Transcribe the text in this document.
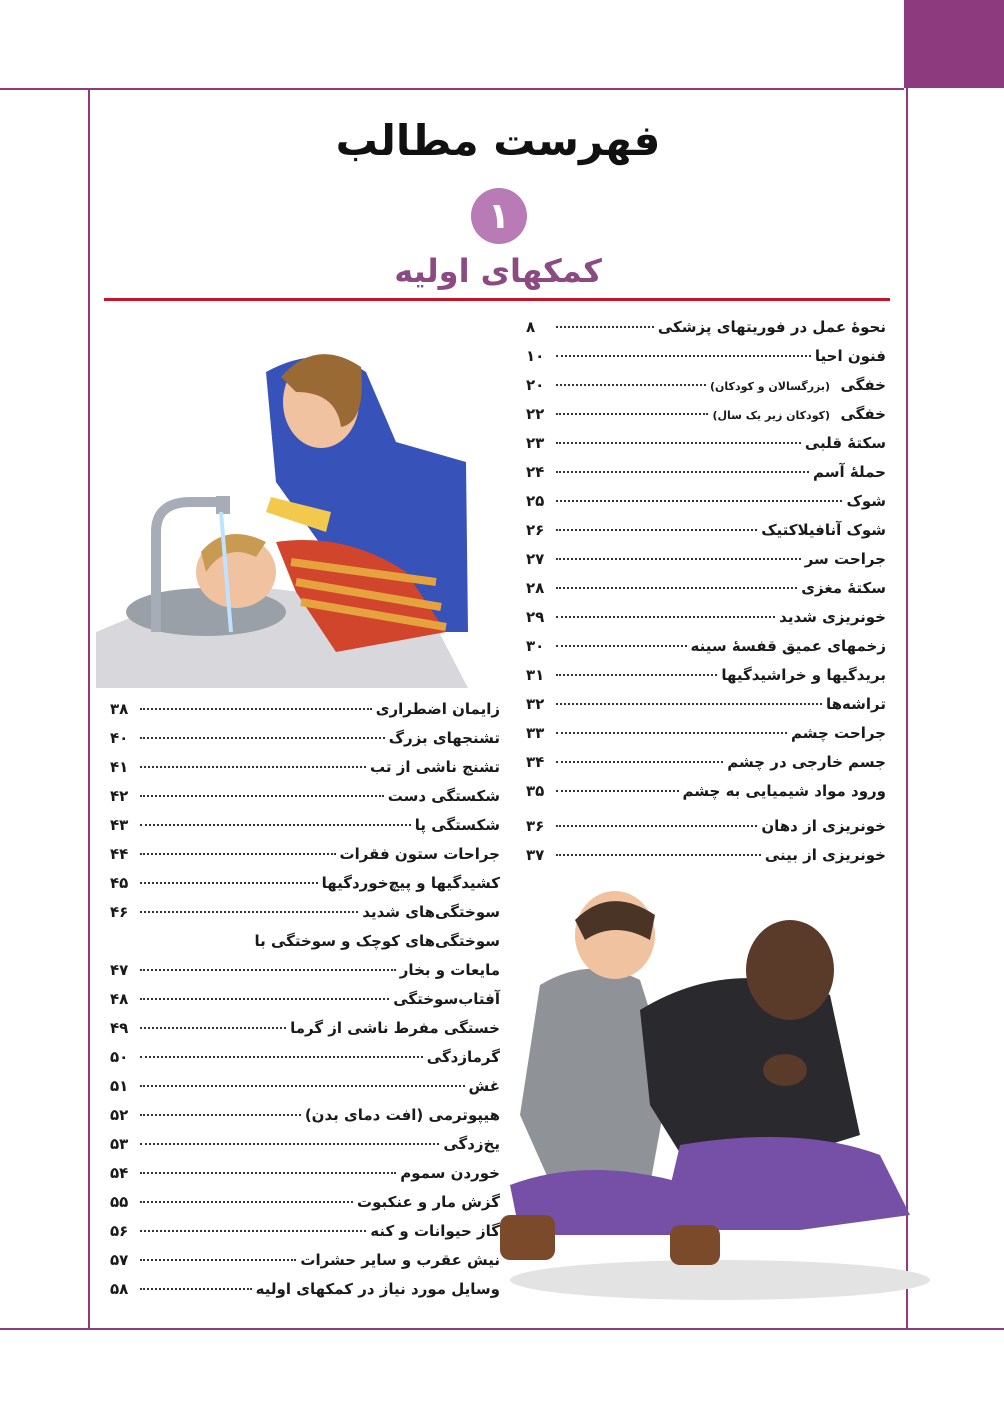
فهرست مطالب
۱
کمکهای اولیه
نحوهٔ عمل در فوریتهای پزشکی
۸
فنون احیا
۱۰
خفگی  (بزرگسالان و کودکان)
۲۰
خفگی  (کودکان زیر یک سال)
۲۲
سکتهٔ قلبی
۲۳
حملهٔ آسم
۲۴
شوک
۲۵
شوک آنافیلاکتیک
۲۶
جراحت سر
۲۷
سکتهٔ مغزی
۲۸
خونریزی شدید
۲۹
زخمهای عمیق قفسهٔ سینه
۳۰
بریدگیها و خراشیدگیها
۳۱
تراشه‌ها
۳۲
جراحت چشم
۳۳
جسم خارجی در چشم
۳۴
ورود مواد شیمیایی به چشم
۳۵
خونریزی از دهان
۳۶
خونریزی از بینی
۳۷
زایمان اضطراری
۳۸
تشنجهای بزرگ
۴۰
تشنج ناشی از تب
۴۱
شکستگی دست
۴۲
شکستگی پا
۴۳
جراحات ستون فقرات
۴۴
کشیدگیها و پیچ‌خوردگیها
۴۵
سوختگی‌های شدید
۴۶
سوختگی‌های کوچک و سوختگی با
مایعات و بخار
۴۷
آفتاب‌سوختگی
۴۸
خستگی مفرط ناشی از گرما
۴۹
گرمازدگی
۵۰
غش
۵۱
هیپوترمی (افت دمای بدن)
۵۲
یخ‌زدگی
۵۳
خوردن سموم
۵۴
گزش مار و عنکبوت
۵۵
گاز حیوانات و کنه
۵۶
نیش عقرب و سایر حشرات
۵۷
وسایل مورد نیاز در کمکهای اولیه
۵۸
